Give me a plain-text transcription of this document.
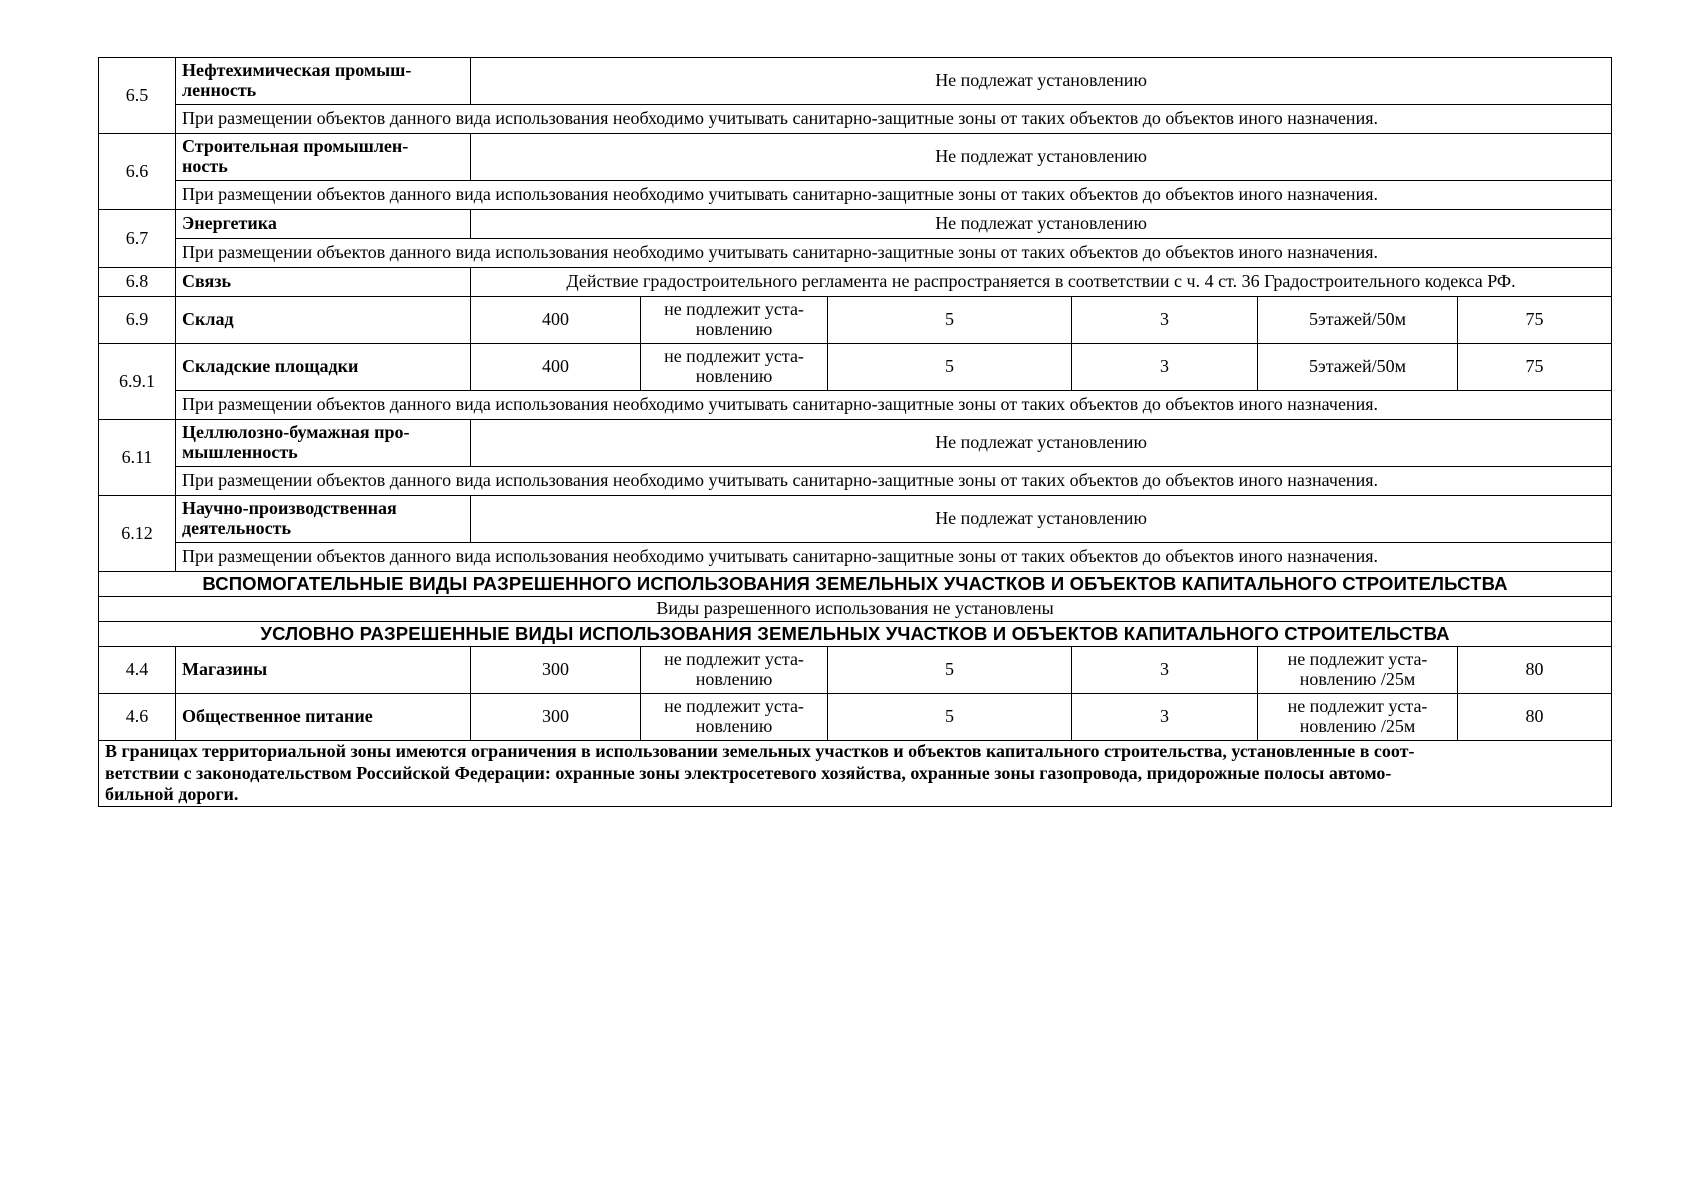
6.5	Нефтехимическая промыш-
ленность	Не подлежат установлению					
	При размещении объектов данного вида использования необходимо учитывать санитарно-защитные зоны от таких объектов до объектов иного назначения.						
6.6	Строительная промышлен-
ность	Не подлежат установлению					
	При размещении объектов данного вида использования необходимо учитывать санитарно-защитные зоны от таких объектов до объектов иного назначения.						
6.7	Энергетика	Не подлежат установлению					
	При размещении объектов данного вида использования необходимо учитывать санитарно-защитные зоны от таких объектов до объектов иного назначения.						
6.8	Связь	Действие градостроительного регламента не распространяется в соответствии с ч. 4 ст. 36 Градостроительного кодекса РФ.					
6.9	Склад	400	не подлежит уста-
новлению	5	3	5этажей/50м	75
6.9.1	Складские площадки	400	не подлежит уста-
новлению	5	3	5этажей/50м	75
	При размещении объектов данного вида использования необходимо учитывать санитарно-защитные зоны от таких объектов до объектов иного назначения.						
6.11	Целлюлозно-бумажная про-
мышленность	Не подлежат установлению					
	При размещении объектов данного вида использования необходимо учитывать санитарно-защитные зоны от таких объектов до объектов иного назначения.						
6.12	Научно-производственная
деятельность	Не подлежат установлению					
	При размещении объектов данного вида использования необходимо учитывать санитарно-защитные зоны от таких объектов до объектов иного назначения.						
ВСПОМОГАТЕЛЬНЫЕ ВИДЫ РАЗРЕШЕННОГО ИСПОЛЬЗОВАНИЯ ЗЕМЕЛЬНЫХ УЧАСТКОВ И ОБЪЕКТОВ КАПИТАЛЬНОГО СТРОИТЕЛЬСТВА							
Виды разрешенного использования не установлены							
УСЛОВНО РАЗРЕШЕННЫЕ ВИДЫ ИСПОЛЬЗОВАНИЯ ЗЕМЕЛЬНЫХ УЧАСТКОВ И ОБЪЕКТОВ КАПИТАЛЬНОГО СТРОИТЕЛЬСТВА							
4.4	Магазины	300	не подлежит уста-
новлению	5	3	не подлежит уста-
новлению /25м	80
4.6	Общественное питание	300	не подлежит уста-
новлению	5	3	не подлежит уста-
новлению /25м	80
В границах территориальной зоны имеются ограничения в использовании земельных участков и объектов капитального строительства, установленные в соот-
ветствии с законодательством Российской Федерации: охранные зоны электросетевого хозяйства, охранные зоны газопровода, придорожные полосы автомо-
бильной дороги.							
